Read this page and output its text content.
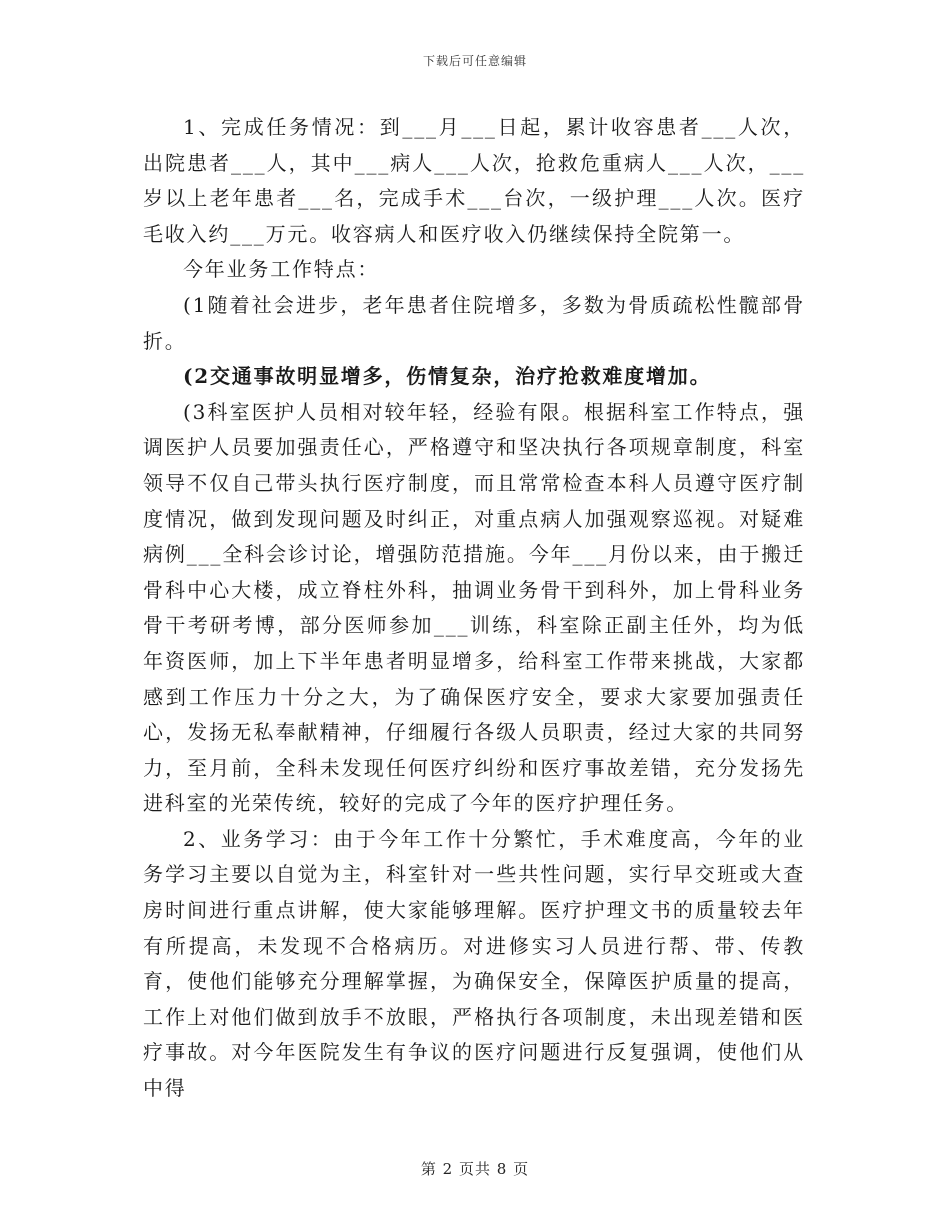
下载后可任意编辑

1、完成任务情况：到___月___日起，累计收容患者___人次，出院患者___人，其中___病人___人次，抢救危重病人___人次，___岁以上老年患者___名，完成手术___台次，一级护理___人次。医疗毛收入约___万元。收容病人和医疗收入仍继续保持全院第一。

今年业务工作特点：

(1随着社会进步，老年患者住院增多，多数为骨质疏松性髋部骨折。

(2交通事故明显增多，伤情复杂，治疗抢救难度增加。

(3科室医护人员相对较年轻，经验有限。根据科室工作特点，强调医护人员要加强责任心，严格遵守和坚决执行各项规章制度，科室领导不仅自己带头执行医疗制度，而且常常检查本科人员遵守医疗制度情况，做到发现问题及时纠正，对重点病人加强观察巡视。对疑难病例___全科会诊讨论，增强防范措施。今年___月份以来，由于搬迁骨科中心大楼，成立脊柱外科，抽调业务骨干到科外，加上骨科业务骨干考研考博，部分医师参加___训练，科室除正副主任外，均为低年资医师，加上下半年患者明显增多，给科室工作带来挑战，大家都感到工作压力十分之大，为了确保医疗安全，要求大家要加强责任心，发扬无私奉献精神，仔细履行各级人员职责，经过大家的共同努力，至月前，全科未发现任何医疗纠纷和医疗事故差错，充分发扬先进科室的光荣传统，较好的完成了今年的医疗护理任务。

2、业务学习：由于今年工作十分繁忙，手术难度高，今年的业务学习主要以自觉为主，科室针对一些共性问题，实行早交班或大查房时间进行重点讲解，使大家能够理解。医疗护理文书的质量较去年有所提高，未发现不合格病历。对进修实习人员进行帮、带、传教育，使他们能够充分理解掌握，为确保安全，保障医护质量的提高，工作上对他们做到放手不放眼，严格执行各项制度，未出现差错和医疗事故。对今年医院发生有争议的医疗问题进行反复强调，使他们从中得

第 2 页共 8 页
